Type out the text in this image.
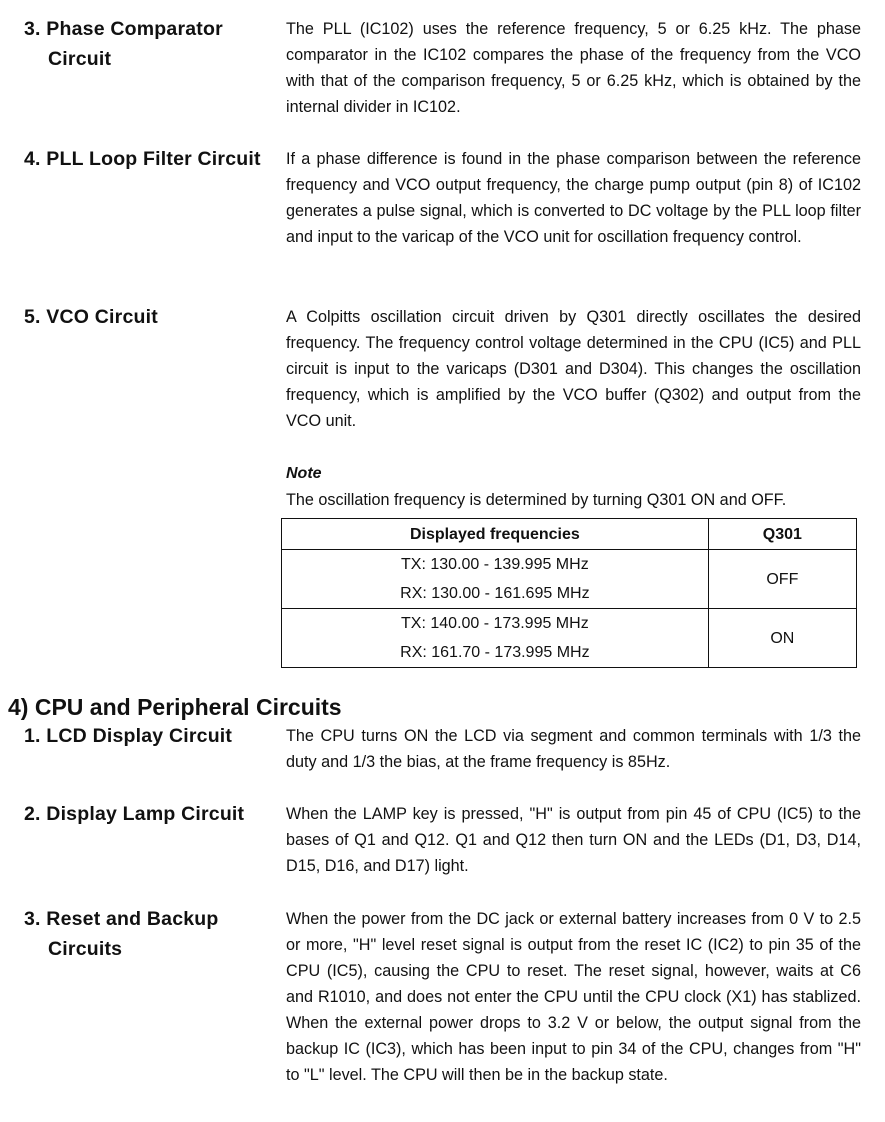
3. Phase Comparator
Circuit
The PLL (IC102) uses the reference frequency, 5 or 6.25 kHz. The phase comparator in the IC102 compares the phase of the frequency from the VCO with that of the comparison frequency, 5 or 6.25 kHz, which is obtained by the internal divider in IC102.
4. PLL Loop Filter Circuit	If a phase difference is found in the phase comparison between the reference frequency and VCO output frequency, the charge pump output (pin 8) of IC102 generates a pulse signal, which is converted to DC voltage by the PLL loop filter and input to the varicap of the VCO unit for oscillation frequency control.
5. VCO Circuit	A Colpitts oscillation circuit driven by Q301 directly oscillates the desired frequency. The frequency control voltage determined in the CPU (IC5) and PLL circuit is input to the varicaps (D301 and D304). This changes the oscillation frequency, which is amplified by the VCO buffer (Q302) and output from the VCO unit.
Note
The oscillation frequency is determined by turning Q301 ON and OFF.
Displayed frequencies	Q301

TX: 130.00 - 139.995 MHz
RX: 130.00 - 161.695 MHz	OFF

TX: 140.00 - 173.995 MHz
RX: 161.70 - 173.995 MHz	ON
4) CPU and Peripheral Circuits
1. LCD Display Circuit	The CPU turns ON the LCD via segment and common terminals with 1/3 the duty and 1/3 the bias, at the frame frequency is 85Hz.
2. Display Lamp Circuit	When the LAMP key is pressed, "H" is output from pin 45 of CPU (IC5) to the bases of Q1 and Q12. Q1 and Q12 then turn ON and the LEDs (D1, D3, D14, D15, D16, and D17) light.
3. Reset and Backup
Circuits
When the power from the DC jack or external battery increases from 0 V to 2.5 or more, "H" level reset signal is output from the reset IC (IC2) to pin 35 of the CPU (IC5), causing the CPU to reset. The reset signal, however, waits at C6 and R1010, and does not enter the CPU until the CPU clock (X1) has stablized. When the external power drops to 3.2 V or below, the output signal from the backup IC (IC3), which has been input to pin 34 of the CPU, changes from "H" to "L" level. The CPU will then be in the backup state.
